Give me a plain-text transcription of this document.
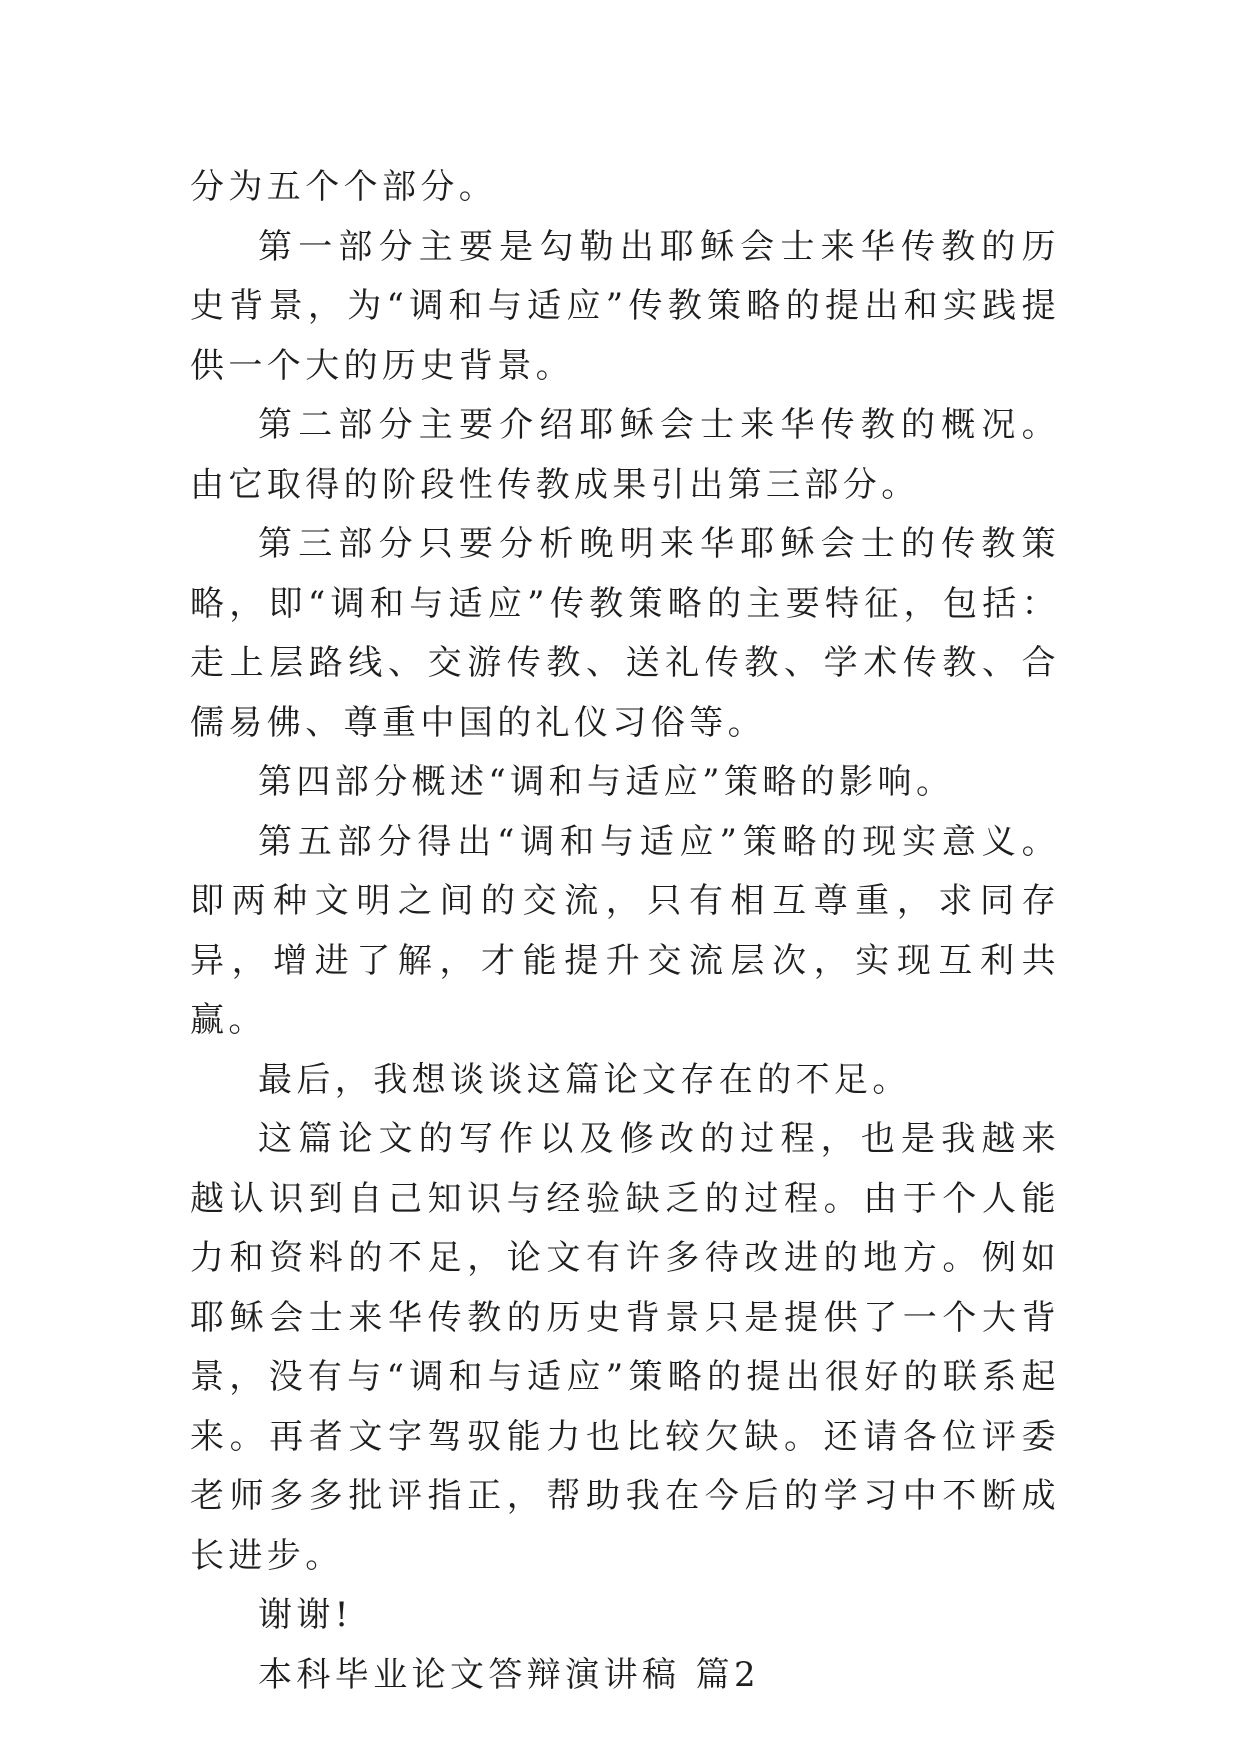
分为五个个部分。

第一部分主要是勾勒出耶稣会士来华传教的历史背景，为“调和与适应”传教策略的提出和实践提供一个大的历史背景。

第二部分主要介绍耶稣会士来华传教的概况。由它取得的阶段性传教成果引出第三部分。

第三部分只要分析晚明来华耶稣会士的传教策略，即“调和与适应”传教策略的主要特征，包括：走上层路线、交游传教、送礼传教、学术传教、合儒易佛、尊重中国的礼仪习俗等。

第四部分概述“调和与适应”策略的影响。

第五部分得出“调和与适应”策略的现实意义。即两种文明之间的交流，只有相互尊重，求同存异，增进了解，才能提升交流层次，实现互利共赢。

最后，我想谈谈这篇论文存在的不足。

这篇论文的写作以及修改的过程，也是我越来越认识到自己知识与经验缺乏的过程。由于个人能力和资料的不足，论文有许多待改进的地方。例如耶稣会士来华传教的历史背景只是提供了一个大背景，没有与“调和与适应”策略的提出很好的联系起来。再者文字驾驭能力也比较欠缺。还请各位评委老师多多批评指正，帮助我在今后的学习中不断成长进步。

谢谢!

本科毕业论文答辩演讲稿 篇2
